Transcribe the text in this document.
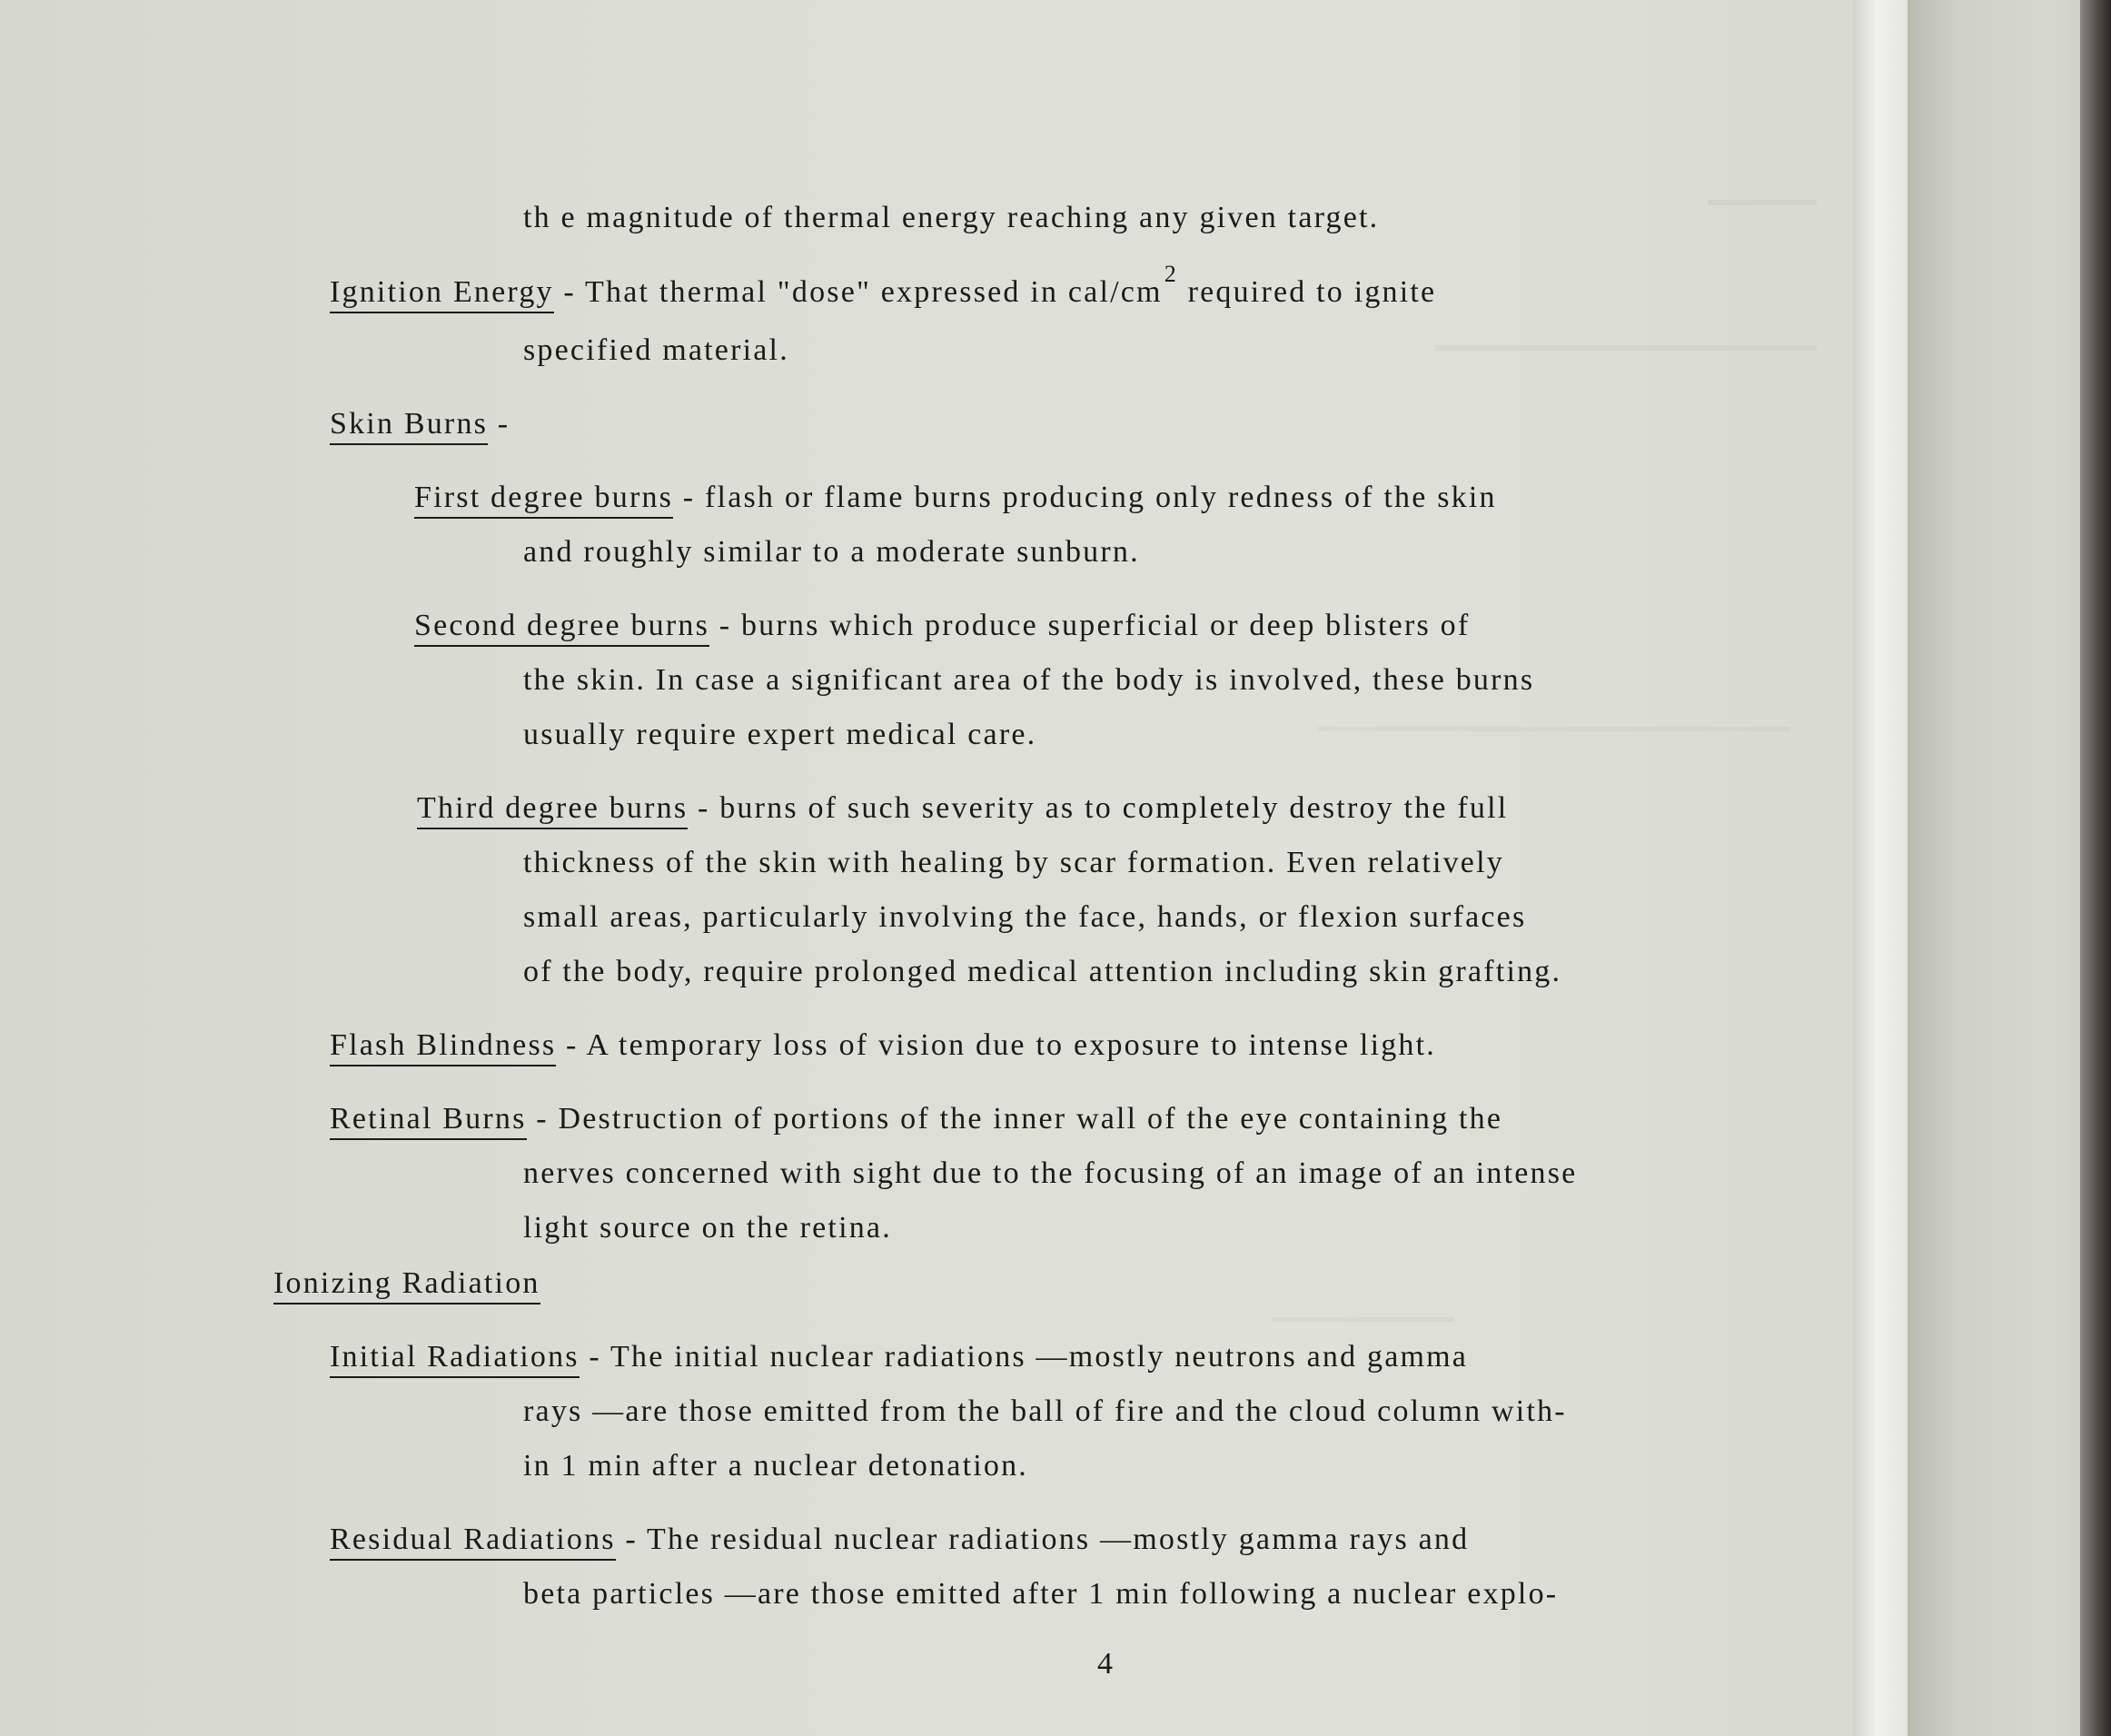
th e magnitude of thermal energy reaching any given target.
Ignition Energy - That thermal "dose" expressed in cal/$cm^2$ required to ignite
specified material.
Skin Burns -
First degree burns - flash or flame burns producing only redness of the skin
and roughly similar to a moderate sunburn.
Second degree burns - burns which produce superficial or deep blisters of
the skin. In case a significant area of the body is involved, these burns
usually require expert medical care.
Third degree burns - burns of such severity as to completely destroy the full
thickness of the skin with healing by scar formation. Even relatively
small areas, particularly involving the face, hands, or flexion surfaces
of the body, require prolonged medical attention including skin grafting.
Flash Blindness - A temporary loss of vision due to exposure to intense light.
Retinal Burns - Destruction of portions of the inner wall of the eye containing the
nerves concerned with sight due to the focusing of an image of an intense
light source on the retina.
Ionizing Radiation
Initial Radiations - The initial nuclear radiations —mostly neutrons and gamma
rays —are those emitted from the ball of fire and the cloud column with-
in 1 min after a nuclear detonation.
Residual Radiations - The residual nuclear radiations —mostly gamma rays and
beta particles —are those emitted after 1 min following a nuclear explo-
4
